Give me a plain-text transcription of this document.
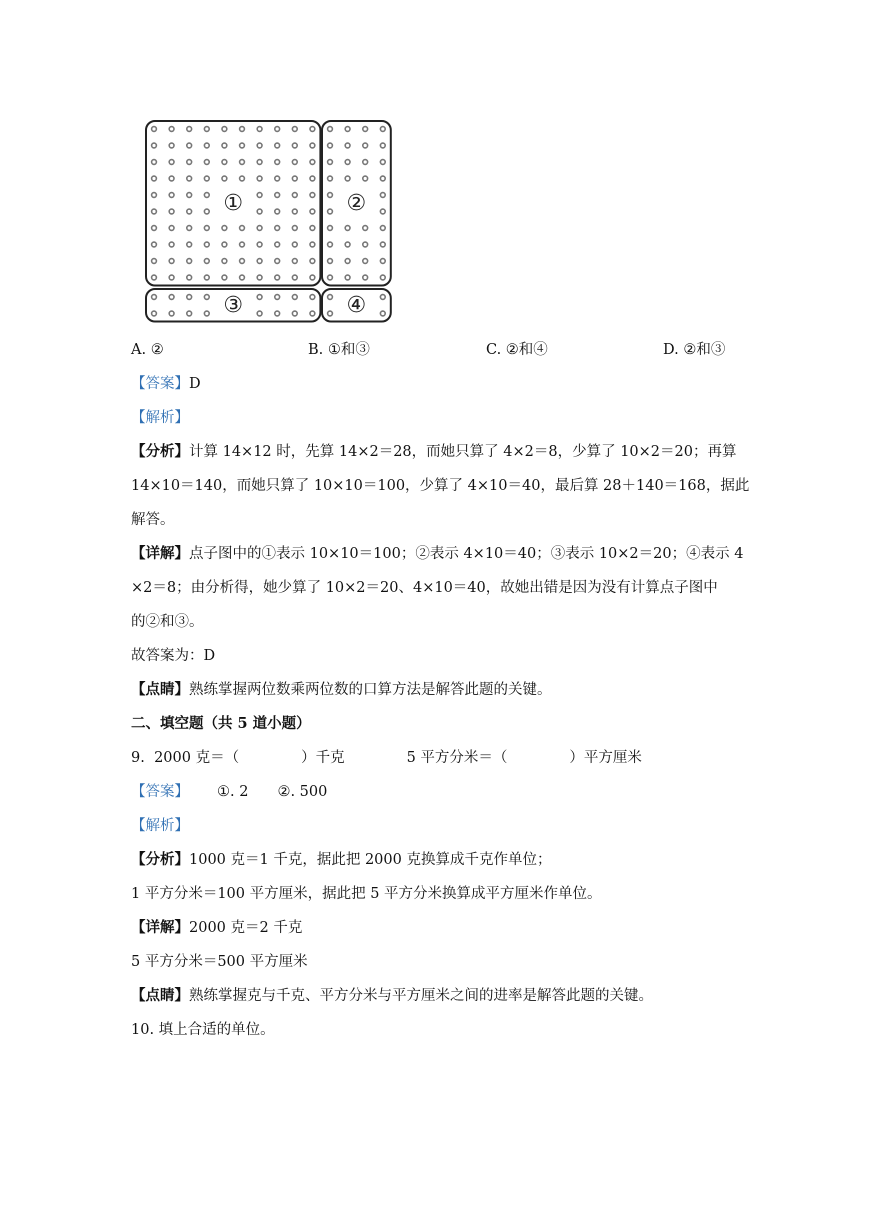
①	②
③	④
A. ②	B. ①和③	C. ②和④	D. ②和③
【答案】D
【解析】
【分析】计算 14×12 时，先算 14×2＝28，而她只算了 4×2＝8，少算了 10×2＝20；再算
14×10＝140，而她只算了 10×10＝100，少算了 4×10＝40，最后算 28＋140＝168，据此
解答。
【详解】点子图中的①表示 10×10＝100；②表示 4×10＝40；③表示 10×2＝20；④表示 4
×2＝8；由分析得，她少算了 10×2＝20、4×10＝40，故她出错是因为没有计算点子图中
的②和③。
故答案为：D
【点睛】熟练掌握两位数乘两位数的口算方法是解答此题的关键。
二、填空题（共 5 道小题）
9. 2000 克＝（	）千克	5 平方分米＝（	）平方厘米
【答案】 ①. 2　　②. 500
【解析】
【分析】1000 克＝1 千克，据此把 2000 克换算成千克作单位；
1 平方分米＝100 平方厘米，据此把 5 平方分米换算成平方厘米作单位。
【详解】2000 克＝2 千克
5 平方分米＝500 平方厘米
【点睛】熟练掌握克与千克、平方分米与平方厘米之间的进率是解答此题的关键。
10. 填上合适的单位。
